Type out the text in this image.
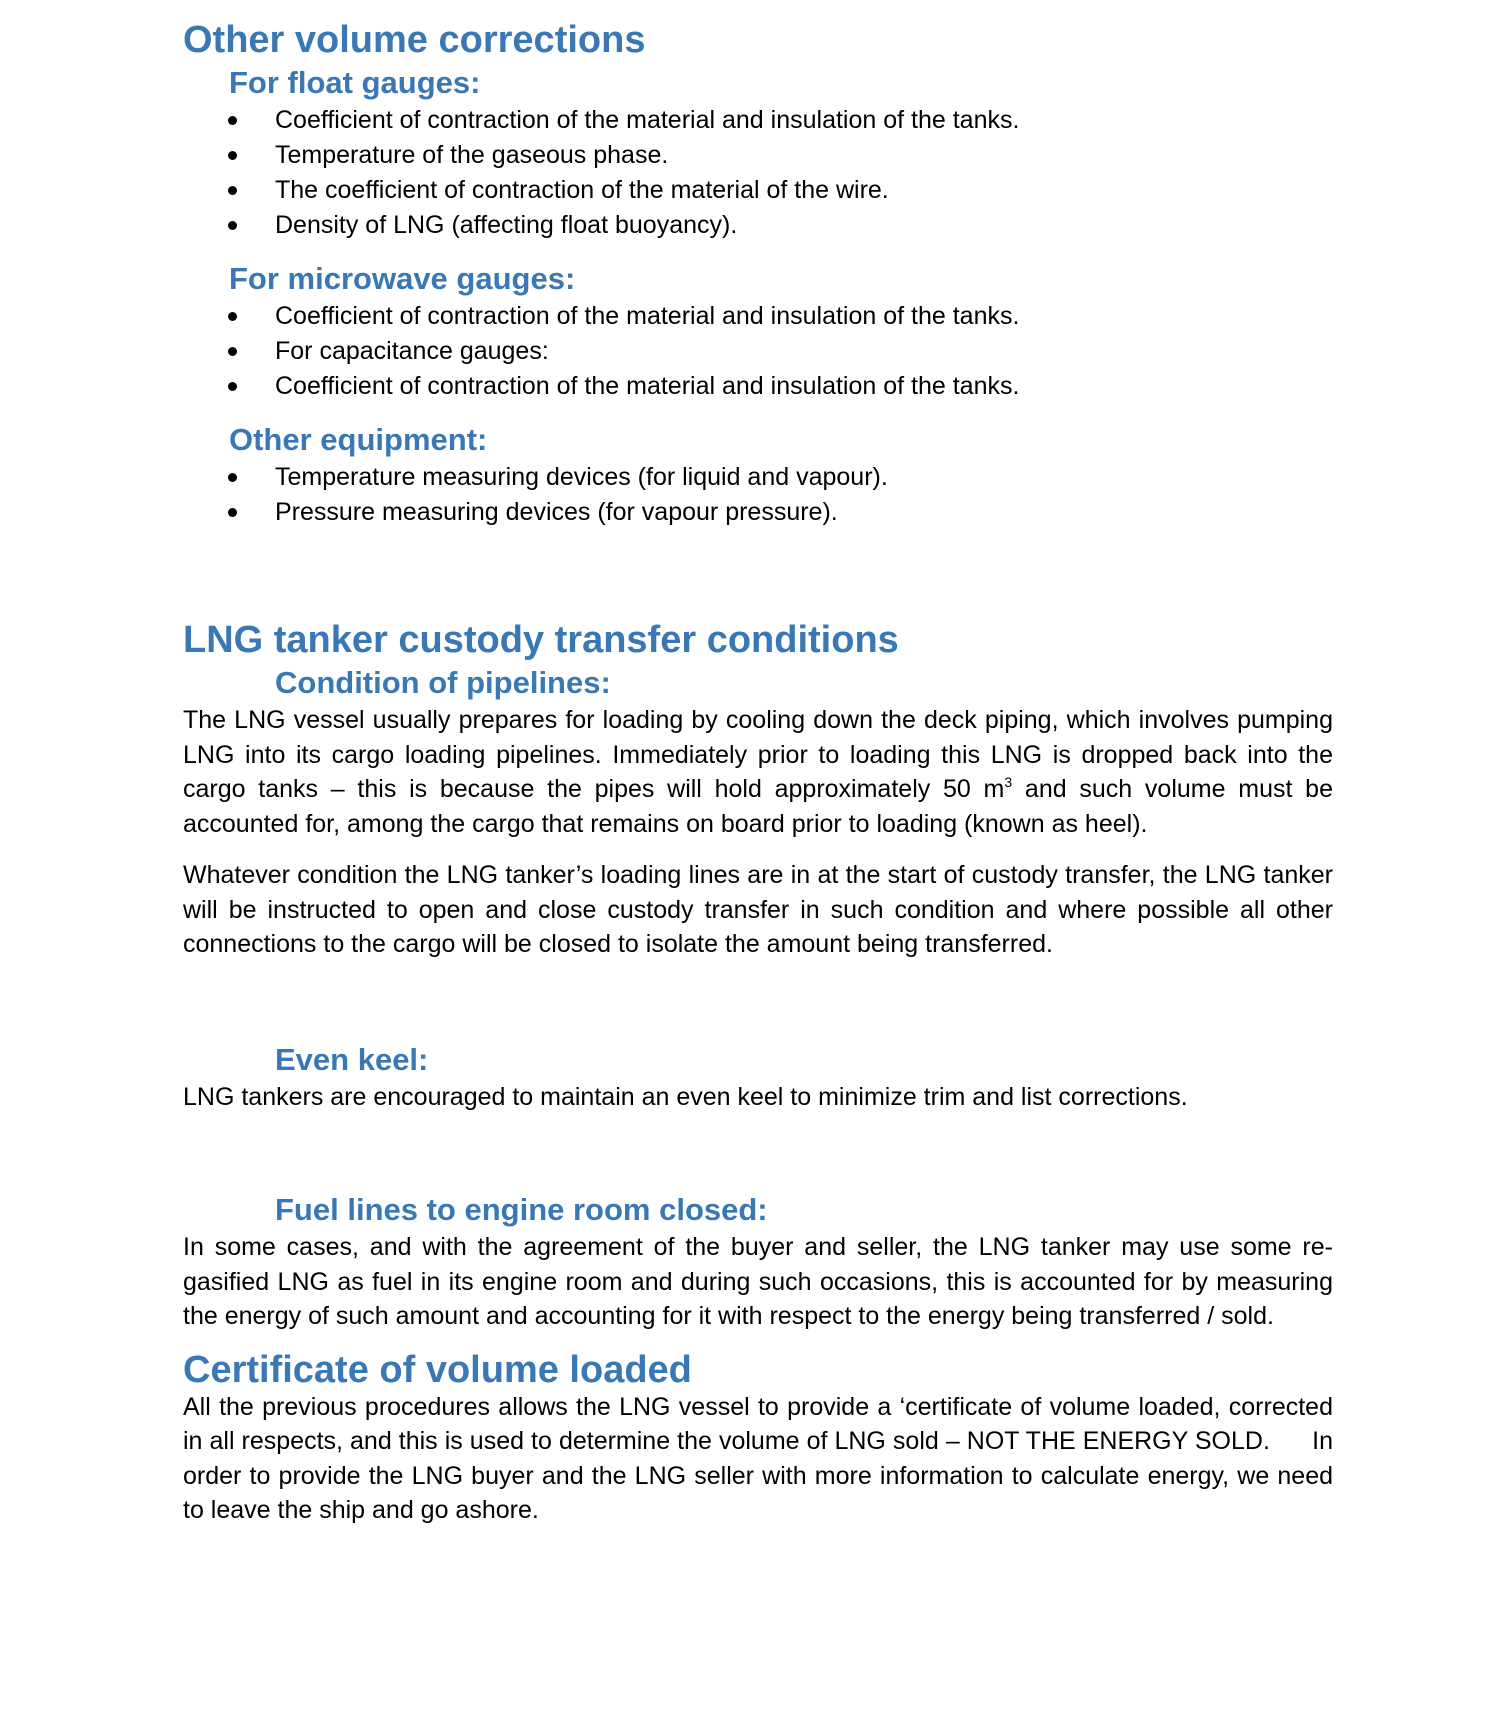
Other volume corrections
For float gauges:
Coefficient of contraction of the material and insulation of the tanks.
Temperature of the gaseous phase.
The coefficient of contraction of the material of the wire.
Density of LNG (affecting float buoyancy).
For microwave gauges:
Coefficient of contraction of the material and insulation of the tanks.
For capacitance gauges:
Coefficient of contraction of the material and insulation of the tanks.
Other equipment:
Temperature measuring devices (for liquid and vapour).
Pressure measuring devices (for vapour pressure).
LNG tanker custody transfer conditions
Condition of pipelines:

The LNG vessel usually prepares for loading by cooling down the deck piping, which involves pumping LNG into its cargo loading pipelines. Immediately prior to loading this LNG is dropped back into the cargo tanks – this is because the pipes will hold approximately 50 $m^3$ and such volume must be accounted for, among the cargo that remains on board prior to loading (known as heel).

Whatever condition the LNG tanker’s loading lines are in at the start of custody transfer, the LNG tanker will be instructed to open and close custody transfer in such condition and where possible all other connections to the cargo will be closed to isolate the amount being transferred.

Even keel:

LNG tankers are encouraged to maintain an even keel to minimize trim and list corrections.

Fuel lines to engine room closed:

In some cases, and with the agreement of the buyer and seller, the LNG tanker may use some re-gasified LNG as fuel in its engine room and during such occasions, this is accounted for by measuring the energy of such amount and accounting for it with respect to the energy being transferred / sold.

Certificate of volume loaded

All the previous procedures allows the LNG vessel to provide a ‘certificate of volume loaded, corrected in all respects, and this is used to determine the volume of LNG sold – NOT THE ENERGY SOLD.      In order to provide the LNG buyer and the LNG seller with more information to calculate energy, we need to leave the ship and go ashore.
